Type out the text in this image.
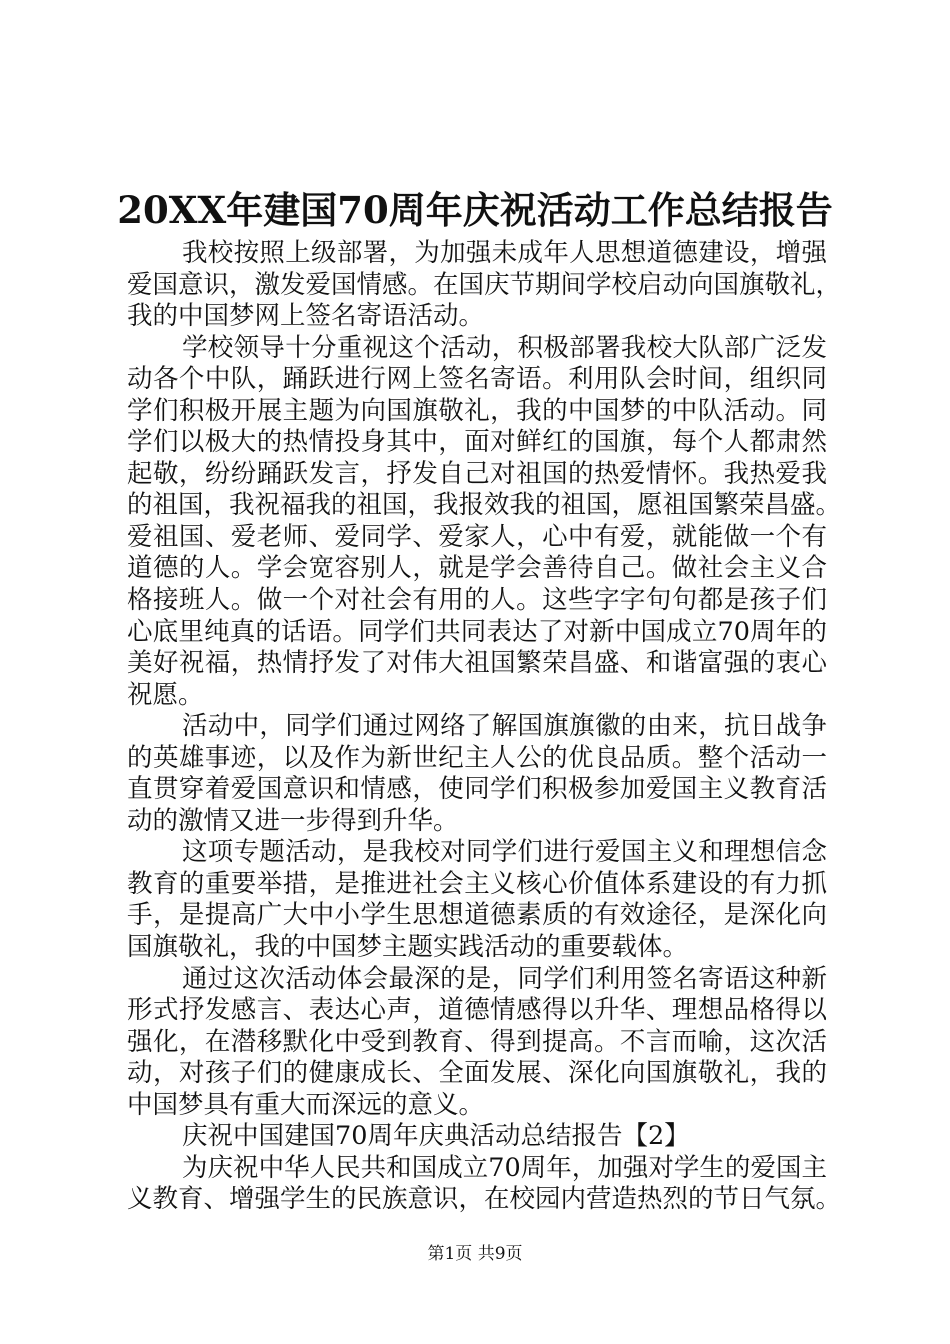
20XX年建国70周年庆祝活动工作总结报告
我校按照上级部署，为加强未成年人思想道德建设，增强
爱国意识，激发爱国情感。在国庆节期间学校启动向国旗敬礼，
我的中国梦网上签名寄语活动。
学校领导十分重视这个活动，积极部署我校大队部广泛发
动各个中队，踊跃进行网上签名寄语。利用队会时间，组织同
学们积极开展主题为向国旗敬礼，我的中国梦的中队活动。同
学们以极大的热情投身其中，面对鲜红的国旗，每个人都肃然
起敬，纷纷踊跃发言，抒发自己对祖国的热爱情怀。我热爱我
的祖国，我祝福我的祖国，我报效我的祖国，愿祖国繁荣昌盛。
爱祖国、爱老师、爱同学、爱家人，心中有爱，就能做一个有
道德的人。学会宽容别人，就是学会善待自己。做社会主义合
格接班人。做一个对社会有用的人。这些字字句句都是孩子们
心底里纯真的话语。同学们共同表达了对新中国成立70周年的
美好祝福，热情抒发了对伟大祖国繁荣昌盛、和谐富强的衷心
祝愿。
活动中，同学们通过网络了解国旗旗徽的由来，抗日战争
的英雄事迹，以及作为新世纪主人公的优良品质。整个活动一
直贯穿着爱国意识和情感，使同学们积极参加爱国主义教育活
动的激情又进一步得到升华。
这项专题活动，是我校对同学们进行爱国主义和理想信念
教育的重要举措，是推进社会主义核心价值体系建设的有力抓
手，是提高广大中小学生思想道德素质的有效途径，是深化向
国旗敬礼，我的中国梦主题实践活动的重要载体。
通过这次活动体会最深的是，同学们利用签名寄语这种新
形式抒发感言、表达心声，道德情感得以升华、理想品格得以
强化，在潜移默化中受到教育、得到提高。不言而喻，这次活
动，对孩子们的健康成长、全面发展、深化向国旗敬礼，我的
中国梦具有重大而深远的意义。
庆祝中国建国70周年庆典活动总结报告【2】
为庆祝中华人民共和国成立70周年，加强对学生的爱国主
义教育、增强学生的民族意识，在校园内营造热烈的节日气氛。
第1页 共9页
